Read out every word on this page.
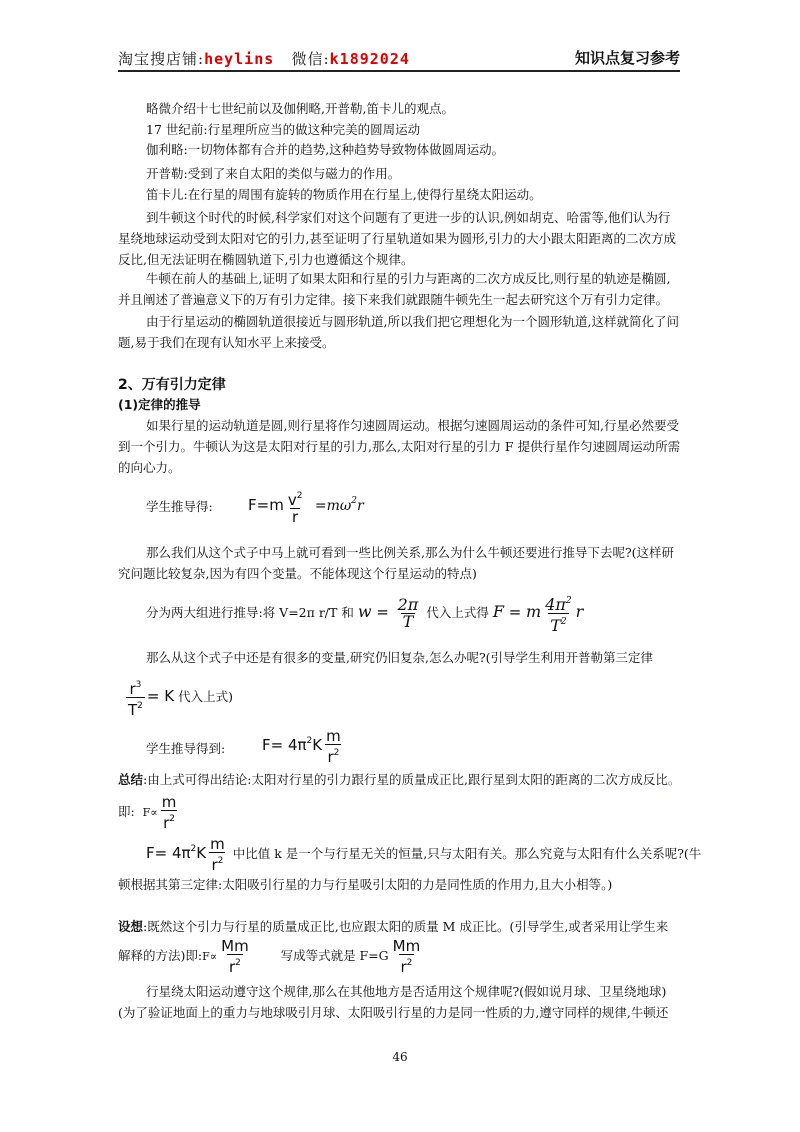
淘宝搜店铺:heylins 微信:k1892024	知识点复习参考
略微介绍十七世纪前以及伽俐略,开普勒,笛卡儿的观点。
17 世纪前:行星理所应当的做这种完美的圆周运动
伽利略:一切物体都有合并的趋势,这种趋势导致物体做圆周运动。
开普勒:受到了来自太阳的类似与磁力的作用。
笛卡儿:在行星的周围有旋转的物质作用在行星上,使得行星绕太阳运动。
到牛顿这个时代的时候,科学家们对这个问题有了更进一步的认识,例如胡克、哈雷等,他们认为行
星绕地球运动受到太阳对它的引力,甚至证明了行星轨道如果为圆形,引力的大小跟太阳距离的二次方成
反比,但无法证明在椭圆轨道下,引力也遵循这个规律。
牛顿在前人的基础上,证明了如果太阳和行星的引力与距离的二次方成反比,则行星的轨迹是椭圆,
并且阐述了普遍意义下的万有引力定律。接下来我们就跟随牛顿先生一起去研究这个万有引力定律。
由于行星运动的椭圆轨道很接近与圆形轨道,所以我们把它理想化为一个圆形轨道,这样就简化了问
题,易于我们在现有认知水平上来接受。
2、万有引力定律
(1)定律的推导
如果行星的运动轨道是圆,则行星将作匀速圆周运动。根据匀速圆周运动的条件可知,行星必然要受
到一个引力。牛顿认为这是太阳对行星的引力,那么,太阳对行星的引力 F 提供行星作匀速圆周运动所需
的向心力。
学生推导得: $F=m \frac{v^2}{r} =m\omega^2r$
那么我们从这个式子中马上就可看到一些比例关系,那么为什么牛顿还要进行推导下去呢?(这样研
究问题比较复杂,因为有四个变量。不能体现这个行星运动的特点)
分为两大组进行推导:将 V=2π r/T 和 $w = \frac{2\pi}{T}$ 代入上式得 F = m $\frac{4\pi^2}{T^2}$ r
那么从这个式子中还是有很多的变量,研究仍旧复杂,怎么办呢?(引导学生利用开普勒第三定律
$\frac{r^3}{T^2} = K$ 代入上式)
学生推导得到: $F= 4\pi^2K \frac{m}{r^2}$
总结:由上式可得出结论:太阳对行星的引力跟行星的质量成正比,跟行星到太阳的距离的二次方成反比。
即: $F\propto \frac{m}{r^2}$
$F= 4\pi^2K \frac{m}{r^2}$ 中比值 k 是一个与行星无关的恒量,只与太阳有关。那么究竟与太阳有什么关系呢?(牛
顿根据其第三定律:太阳吸引行星的力与行星吸引太阳的力是同性质的作用力,且大小相等。)
设想:既然这个引力与行星的质量成正比,也应跟太阳的质量 M 成正比。(引导学生,或者采用让学生来
解释的方法)即:F∝ $\frac{Mm}{r^2}$ 写成等式就是 $F=G \frac{Mm}{r^2}$
行星绕太阳运动遵守这个规律,那么在其他地方是否适用这个规律呢?(假如说月球、卫星绕地球)
(为了验证地面上的重力与地球吸引月球、太阳吸引行星的力是同一性质的力,遵守同样的规律,牛顿还
46
